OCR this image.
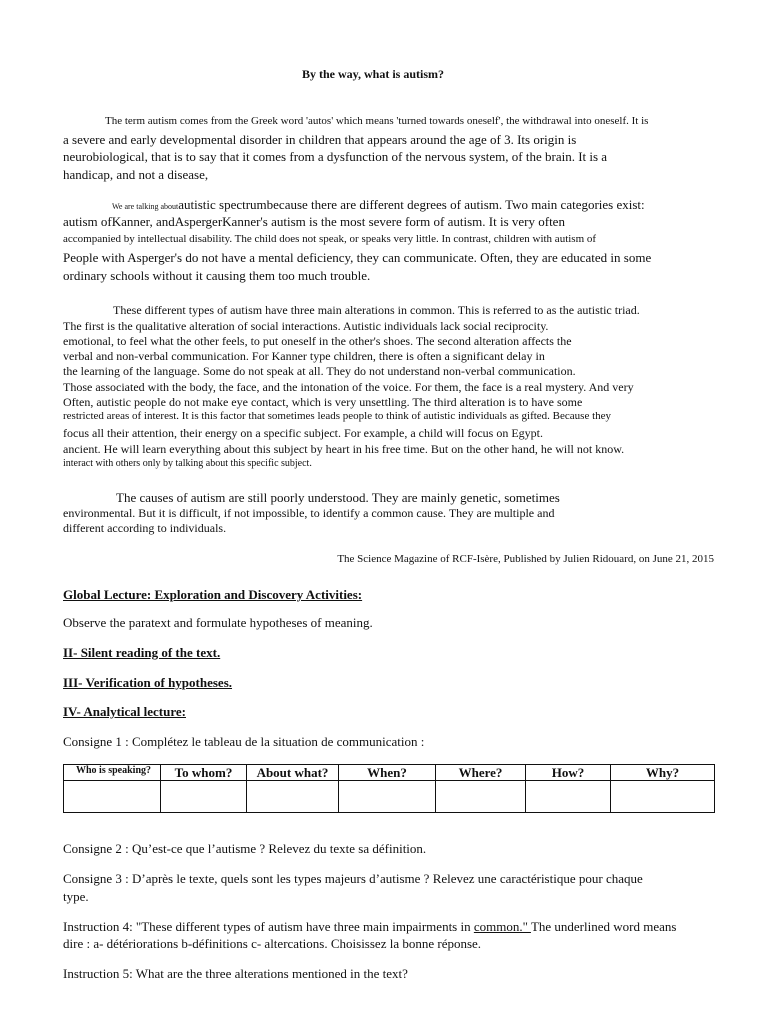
By the way, what is autism?
The term autism comes from the Greek word 'autos' which means 'turned towards oneself', the withdrawal into oneself. It is
a severe and early developmental disorder in children that appears around the age of 3. Its origin is
neurobiological, that is to say that it comes from a dysfunction of the nervous system, of the brain. It is a
handicap, and not a disease,
We are talking aboutautistic spectrumbecause there are different degrees of autism. Two main categories exist:
autism ofKanner, andAspergerKanner's autism is the most severe form of autism. It is very often
accompanied by intellectual disability. The child does not speak, or speaks very little. In contrast, children with autism of
People with Asperger's do not have a mental deficiency, they can communicate. Often, they are educated in some
ordinary schools without it causing them too much trouble.
These different types of autism have three main alterations in common. This is referred to as the autistic triad.
The first is the qualitative alteration of social interactions. Autistic individuals lack social reciprocity.
emotional, to feel what the other feels, to put oneself in the other's shoes. The second alteration affects the
verbal and non-verbal communication. For Kanner type children, there is often a significant delay in
the learning of the language. Some do not speak at all. They do not understand non-verbal communication.
Those associated with the body, the face, and the intonation of the voice. For them, the face is a real mystery. And very
Often, autistic people do not make eye contact, which is very unsettling. The third alteration is to have some
restricted areas of interest. It is this factor that sometimes leads people to think of autistic individuals as gifted. Because they
focus all their attention, their energy on a specific subject. For example, a child will focus on Egypt.
ancient. He will learn everything about this subject by heart in his free time. But on the other hand, he will not know.
interact with others only by talking about this specific subject.
The causes of autism are still poorly understood. They are mainly genetic, sometimes
environmental. But it is difficult, if not impossible, to identify a common cause. They are multiple and
different according to individuals.
The Science Magazine of RCF-Isère, Published by Julien Ridouard, on June 21, 2015
Global Lecture: Exploration and Discovery Activities:
Observe the paratext and formulate hypotheses of meaning.
II- Silent reading of the text.
III- Verification of hypotheses.
IV- Analytical lecture:
Consigne 1 : Complétez le tableau de la situation de communication :
Who is speaking?	To whom?	About what?	When?	Where?	How?	Why?

Consigne 2 : Qu’est-ce que l’autisme ? Relevez du texte sa définition.
Consigne 3 : D’après le texte, quels sont les types majeurs d’autisme ? Relevez une caractéristique pour chaque
type.
Instruction 4: "These different types of autism have three main impairments in common." The underlined word means
dire : a- détériorations b-définitions c- altercations. Choisissez la bonne réponse.
Instruction 5: What are the three alterations mentioned in the text?
